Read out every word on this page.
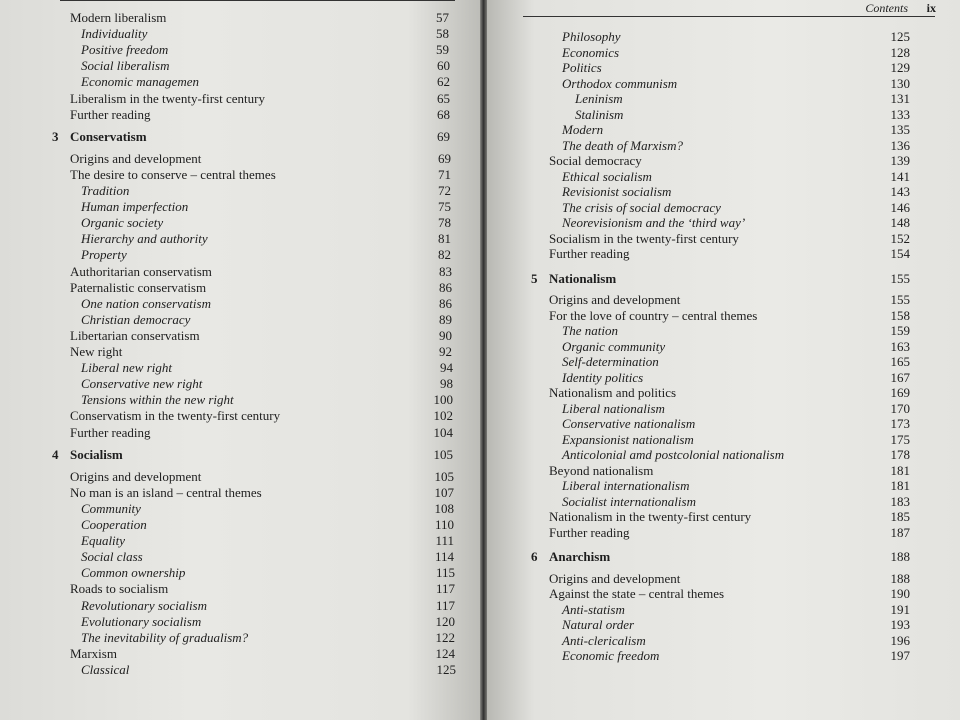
Modern liberalism	57
Individuality	58
Positive freedom	59
Social liberalism	60
Economic managemen	62
Liberalism in the twenty-first century	65
Further reading	68
3 Conservatism	69
Origins and development	69
The desire to conserve – central themes	71
Tradition	72
Human imperfection	75
Organic society	78
Hierarchy and authority	81
Property	82
Authoritarian conservatism	83
Paternalistic conservatism	86
One nation conservatism	86
Christian democracy	89
Libertarian conservatism	90
New right	92
Liberal new right	94
Conservative new right	98
Tensions within the new right	100
Conservatism in the twenty-first century	102
Further reading	104
4 Socialism	105
Origins and development	105
No man is an island – central themes	107
Community	108
Cooperation	110
Equality	111
Social class	114
Common ownership	115
Roads to socialism	117
Revolutionary socialism	117
Evolutionary socialism	120
The inevitability of gradualism?	122
Marxism	124
Classical	125
Contents ix
Philosophy	125
Economics	128
Politics	129
Orthodox communism	130
Leninism	131
Stalinism	133
Modern	135
The death of Marxism?	136
Social democracy	139
Ethical socialism	141
Revisionist socialism	143
The crisis of social democracy	146
Neorevisionism and the ‘third way’	148
Socialism in the twenty-first century	152
Further reading	154
5 Nationalism	155
Origins and development	155
For the love of country – central themes	158
The nation	159
Organic community	163
Self-determination	165
Identity politics	167
Nationalism and politics	169
Liberal nationalism	170
Conservative nationalism	173
Expansionist nationalism	175
Anticolonial amd postcolonial nationalism	178
Beyond nationalism	181
Liberal internationalism	181
Socialist internationalism	183
Nationalism in the twenty-first century	185
Further reading	187
6 Anarchism	188
Origins and development	188
Against the state – central themes	190
Anti-statism	191
Natural order	193
Anti-clericalism	196
Economic freedom	197
